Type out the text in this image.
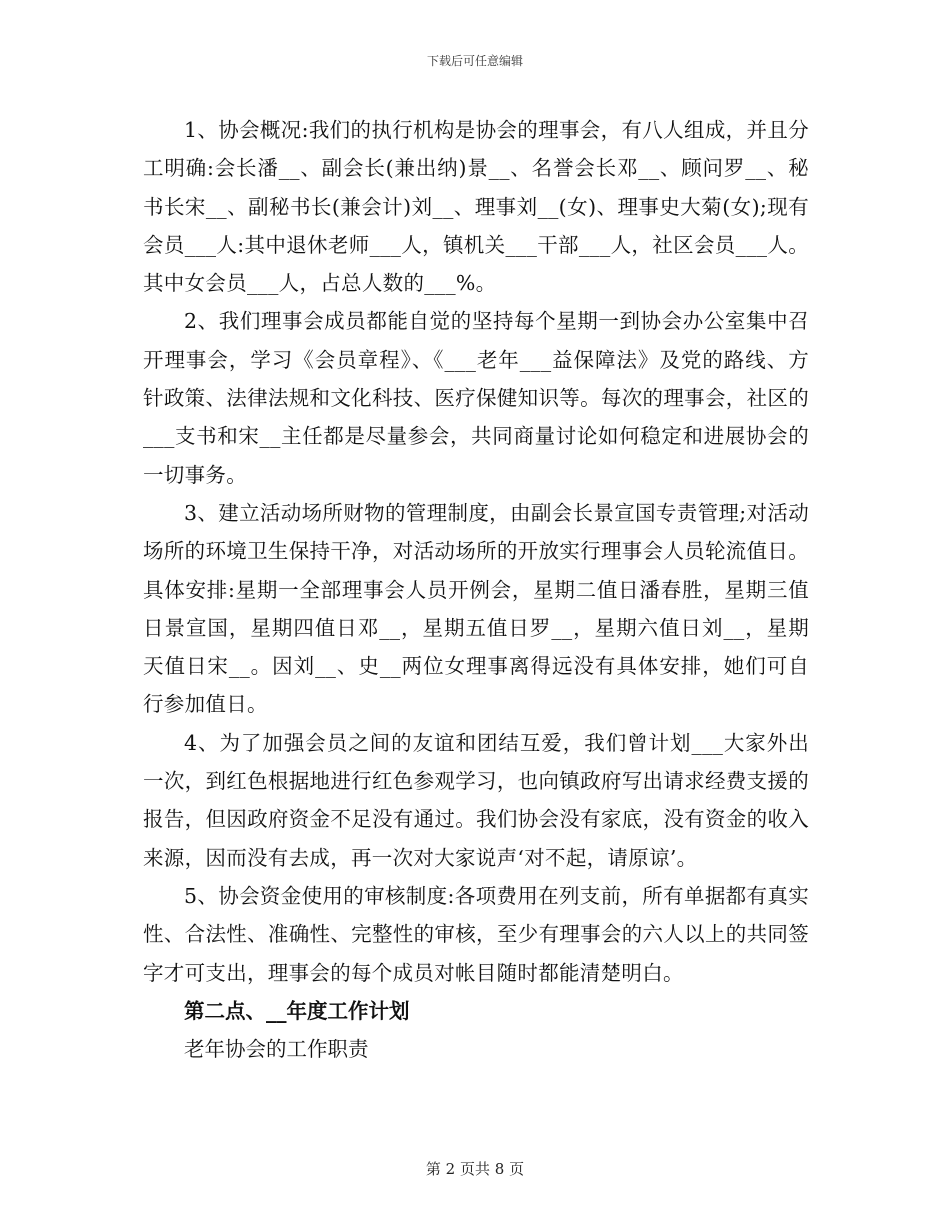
下载后可任意编辑

1、协会概况:我们的执行机构是协会的理事会，有八人组成，并且分工明确:会长潘__、副会长(兼出纳)景__、名誉会长邓__、顾问罗__、秘书长宋__、副秘书长(兼会计)刘__、理事刘__(女)、理事史大菊(女);现有会员___人:其中退休老师___人，镇机关___干部___人，社区会员___人。其中女会员___人，占总人数的___%。

2、我们理事会成员都能自觉的坚持每个星期一到协会办公室集中召开理事会，学习《会员章程》、《___老年___益保障法》及党的路线、方针政策、法律法规和文化科技、医疗保健知识等。每次的理事会，社区的___支书和宋__主任都是尽量参会，共同商量讨论如何稳定和进展协会的一切事务。

3、建立活动场所财物的管理制度，由副会长景宣国专责管理;对活动场所的环境卫生保持干净，对活动场所的开放实行理事会人员轮流值日。具体安排:星期一全部理事会人员开例会，星期二值日潘春胜，星期三值日景宣国，星期四值日邓__，星期五值日罗__，星期六值日刘__，星期天值日宋__。因刘__、史__两位女理事离得远没有具体安排，她们可自行参加值日。

4、为了加强会员之间的友谊和团结互爱，我们曾计划___大家外出一次，到红色根据地进行红色参观学习，也向镇政府写出请求经费支援的报告，但因政府资金不足没有通过。我们协会没有家底，没有资金的收入来源，因而没有去成，再一次对大家说声‘对不起，请原谅’。

5、协会资金使用的审核制度:各项费用在列支前，所有单据都有真实性、合法性、准确性、完整性的审核，至少有理事会的六人以上的共同签字才可支出，理事会的每个成员对帐目随时都能清楚明白。

第二点、__年度工作计划

老年协会的工作职责

第 2 页共 8 页
